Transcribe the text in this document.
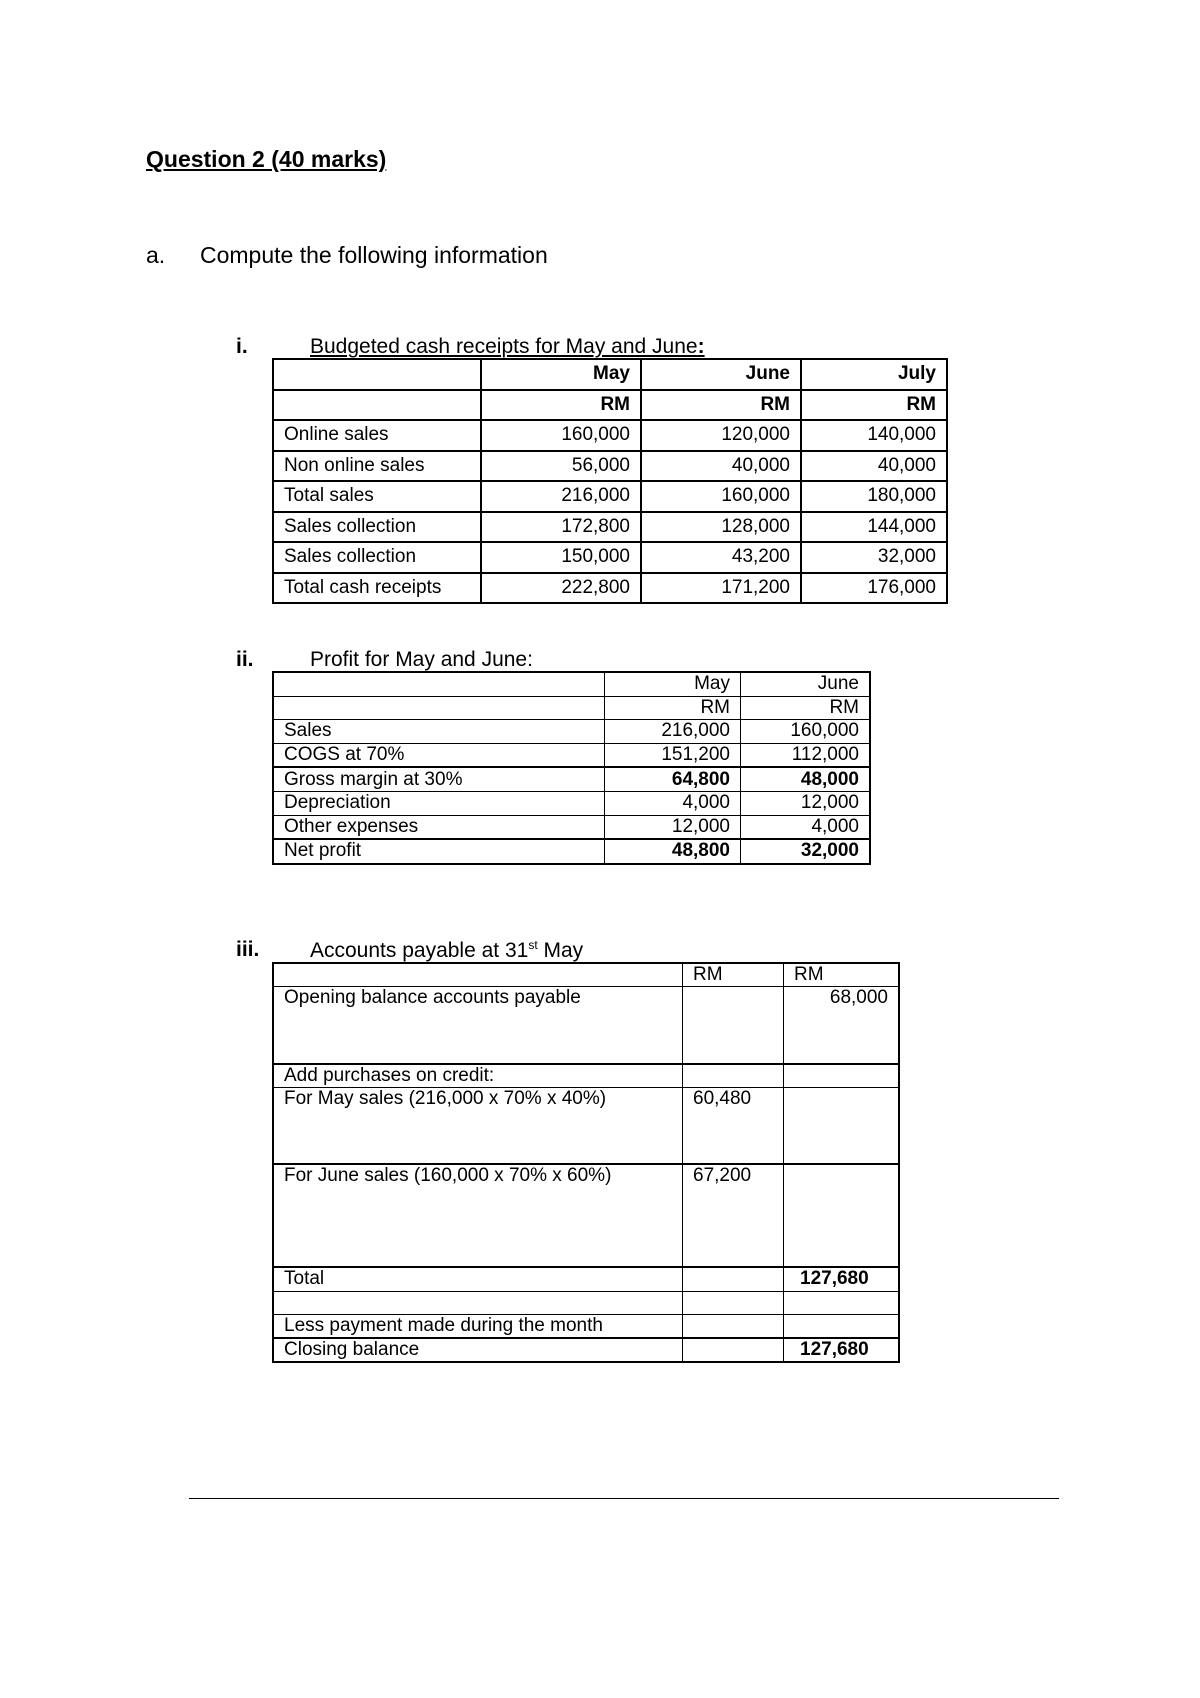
Question 2 (40 marks)
a. Compute the following information
i.	Budgeted cash receipts for May and June:
	May	June	July
	RM	RM	RM
Online sales	160,000	120,000	140,000
Non online sales	56,000	40,000	40,000
Total sales	216,000	160,000	180,000
Sales collection	172,800	128,000	144,000
Sales collection	150,000	43,200	32,000
Total cash receipts	222,800	171,200	176,000
ii.	Profit for May and June:
	May	June
	RM	RM
Sales	216,000	160,000
COGS at 70%	151,200	112,000
Gross margin at 30%	64,800	48,000
Depreciation	4,000	12,000
Other expenses	12,000	4,000
Net profit	48,800	32,000
iii. Accounts payable at 31st May
	RM	RM
Opening balance accounts payable		68,000
Add purchases on credit:		
For May sales (216,000 x 70% x 40%)	60,480	
For June sales (160,000 x 70% x 60%)	67,200	
Total		127,680

Less payment made during the month		
Closing balance		127,680
